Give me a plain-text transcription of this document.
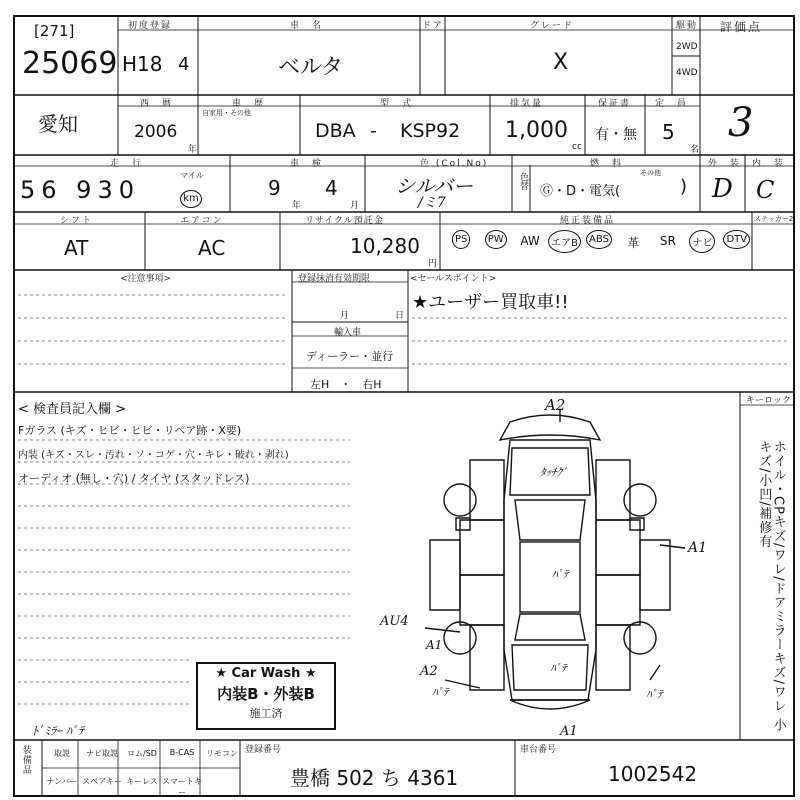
[271]
25069
初度登録
H18 4
車　名
ベルタ
ドア	グレード
X
駆動
2WD
4WD
評価点
3
愛知
西　暦
2006
年
車　歴
自家用・その他
型　式
DBA - KSP92
排気量
1,000
cc
保証書
有・無
定　員
5
名
走　行
56 930
マイル
km
車　検
9
年
4
月
色 (Col.No)
シルバー
/ミ7
色替
燃　料
Ⓖ・D・電気(
その他
)
外　装
D
内　装
C
シフト
AT
エアコン
AC
リサイクル預託金
10,280
円
純正装備品	ステッカー2
PS	PW	AW	エアB	ABS	革	SR	ナビ	DTV
<注意事項>	登録抹消有効期限
月	日
輸入車
ディーラー・並行
左H　・　右H
<セールスポイント>
★ユーザー買取車!!
< 検査員記入欄 >
Fガラス (キズ・ヒビ・ヒビ・リペア跡・X要)
内装 (キズ・スレ・汚れ・ソ・コゲ・穴・キレ・破れ・剥れ)
オーディオ (無し・穴) / タイヤ (スタッドレス)
キーロック
ホイル・CPキズ/ワレ/ドアミラーキズ/ワレ 小キズ/小凹/補修有
A2
A1
AU4
A1
A2
A1
ﾀｯﾁｸﾞ
ﾊﾟﾃ
ﾊﾟﾃ
ﾊﾟﾃ	ﾊﾟﾃ
ﾄﾞﾐﾗｰ ﾊﾟﾃ
★ Car Wash ★
内装B・外装B
施工済
装備品	取説	ナビ取説	ロム/SD	B-CAS	リモコン
ナンバー スペアキー キーレス スマートキー
登録番号
豊橋 502 ち 4361
車台番号
1002542
